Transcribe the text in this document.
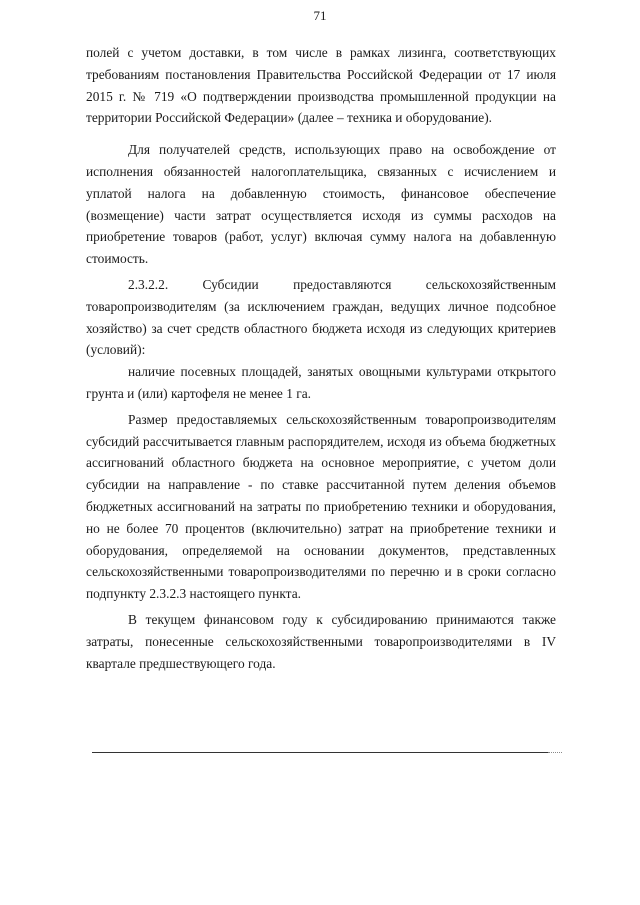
71

полей с учетом доставки, в том числе в рамках лизинга, соответствующих требованиям постановления Правительства Российской Федерации от 17 июля 2015 г. № 719 «О подтверждении производства промышленной продукции на территории Российской Федерации» (далее – техника и оборудование).

Для получателей средств, использующих право на освобождение от исполнения обязанностей налогоплательщика, связанных с исчислением и уплатой налога на добавленную стоимость, финансовое обеспечение (возмещение) части затрат осуществляется исходя из суммы расходов на приобретение товаров (работ, услуг) включая сумму налога на добавленную стоимость.

2.3.2.2. Субсидии предоставляются сельскохозяйственным товаропроизводителям (за исключением граждан, ведущих личное подсобное хозяйство) за счет средств областного бюджета исходя из следующих критериев (условий):

наличие посевных площадей, занятых овощными культурами открытого грунта и (или) картофеля не менее 1 га.

Размер предоставляемых сельскохозяйственным товаропроизводителям субсидий рассчитывается главным распорядителем, исходя из объема бюджетных ассигнований областного бюджета на основное мероприятие, с учетом доли субсидии на направление - по ставке рассчитанной путем деления объемов бюджетных ассигнований на затраты по приобретению техники и оборудования, но не более 70 процентов (включительно) затрат на приобретение техники и оборудования, определяемой на основании документов, представленных сельскохозяйственными товаропроизводителями по перечню и в сроки согласно подпункту 2.3.2.3 настоящего пункта.

В текущем финансовом году к субсидированию принимаются также затраты, понесенные сельскохозяйственными товаропроизводителями в IV квартале предшествующего года.
